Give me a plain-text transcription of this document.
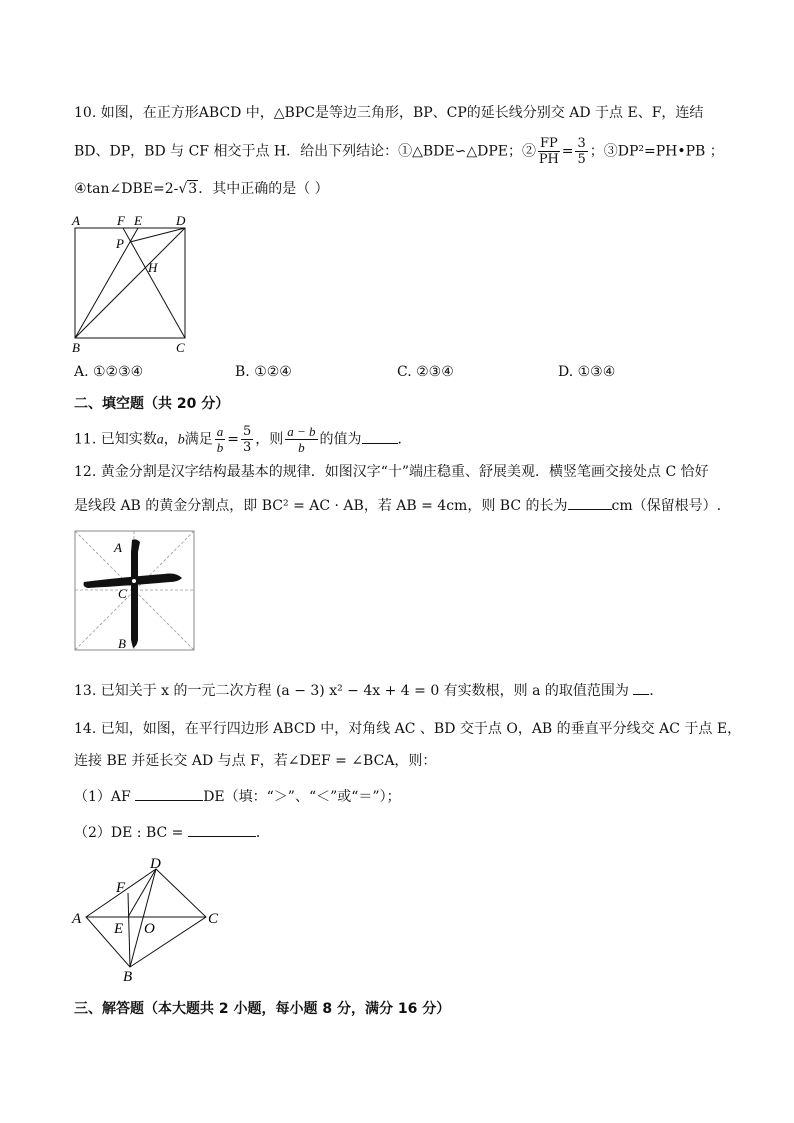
10. 如图，在正方形ABCD 中，△BPC是等边三角形，BP、CP的延长线分别交 AD 于点 E、F，连结
BD、DP，BD 与 CF 相交于点 H．给出下列结论：①△BDE∽△DPE；② $\frac{FP}{PH} = \frac{3}{5}$ ；③DP²=PH•PB ；
④tan∠DBE=2-√3．其中正确的是（ ）
A	F E	D
P
H
B	C
A. ①②③④	B. ①②④	C. ②③④	D. ①③④
二、填空题（共 20 分）
11. 已知实数a，b满足 $\frac{a}{b} = \frac{5}{3}$ ，则 $\frac{a - b}{b}$ 的值为	．
12. 黄金分割是汉字结构最基本的规律．如图汉字“十”端庄稳重、舒展美观．横竖笔画交接处点 C 恰好
是线段 AB 的黄金分割点，即 BC² = AC · AB，若 AB = 4cm，则 BC 的长为	cm（保留根号）.
A
C
B
13. 已知关于 x 的一元二次方程 (a − 3) x² − 4x + 4 = 0 有实数根，则 a 的取值范围为 ．
14. 已知，如图，在平行四边形 ABCD 中，对角线 AC 、BD 交于点 O，AB 的垂直平分线交 AC 于点 E，
连接 BE 并延长交 AD 与点 F，若∠DEF = ∠BCA，则：
（1）AF	DE（填：“＞”、“＜”或“＝”）；
（2）DE : BC =	．
A
D
C
B
F
E O
三、解答题（本大题共 2 小题，每小题 8 分，满分 16 分）
